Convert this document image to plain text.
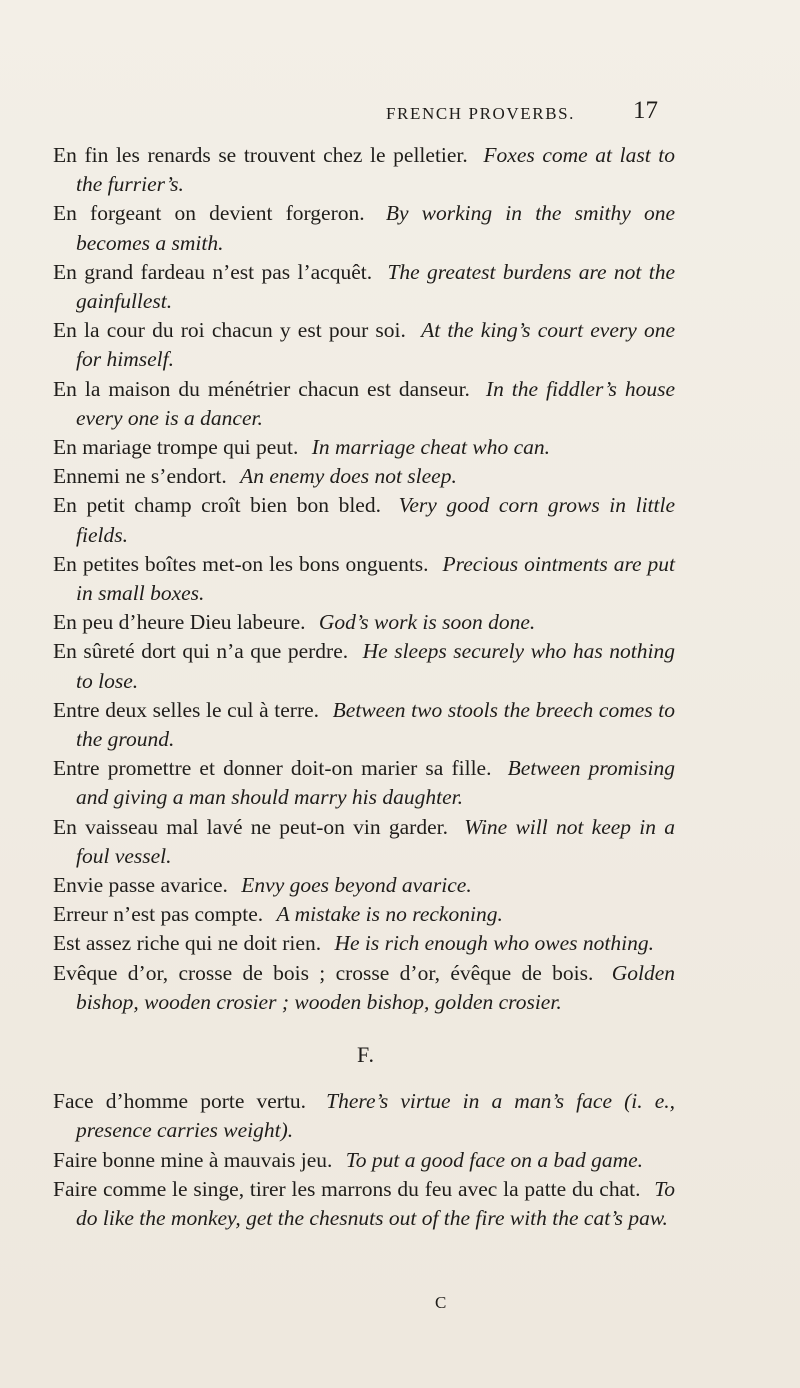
FRENCH PROVERBS. 17

En fin les renards se trouvent chez le pelletier. Foxes come at last to the furrier’s.

En forgeant on devient forgeron. By working in the smithy one becomes a smith.

En grand fardeau n’est pas l’acquêt. The greatest burdens are not the gainfullest.

En la cour du roi chacun y est pour soi. At the king’s court every one for himself.

En la maison du ménétrier chacun est danseur. In the fiddler’s house every one is a dancer.

En mariage trompe qui peut. In marriage cheat who can.

Ennemi ne s’endort. An enemy does not sleep.

En petit champ croît bien bon bled. Very good corn grows in little fields.

En petites boîtes met-on les bons onguents. Precious ointments are put in small boxes.

En peu d’heure Dieu labeure. God’s work is soon done.

En sûreté dort qui n’a que perdre. He sleeps securely who has nothing to lose.

Entre deux selles le cul à terre. Between two stools the breech comes to the ground.

Entre promettre et donner doit-on marier sa fille. Between promising and giving a man should marry his daughter.

En vaisseau mal lavé ne peut-on vin garder. Wine will not keep in a foul vessel.

Envie passe avarice. Envy goes beyond avarice.

Erreur n’est pas compte. A mistake is no reckoning.

Est assez riche qui ne doit rien. He is rich enough who owes nothing.

Evêque d’or, crosse de bois ; crosse d’or, évêque de bois. Golden bishop, wooden crosier ; wooden bishop, golden crosier.

F.

Face d’homme porte vertu. There’s virtue in a man’s face (i. e., presence carries weight).

Faire bonne mine à mauvais jeu. To put a good face on a bad game.

Faire comme le singe, tirer les marrons du feu avec la patte du chat. To do like the monkey, get the chesnuts out of the fire with the cat’s paw.

C
